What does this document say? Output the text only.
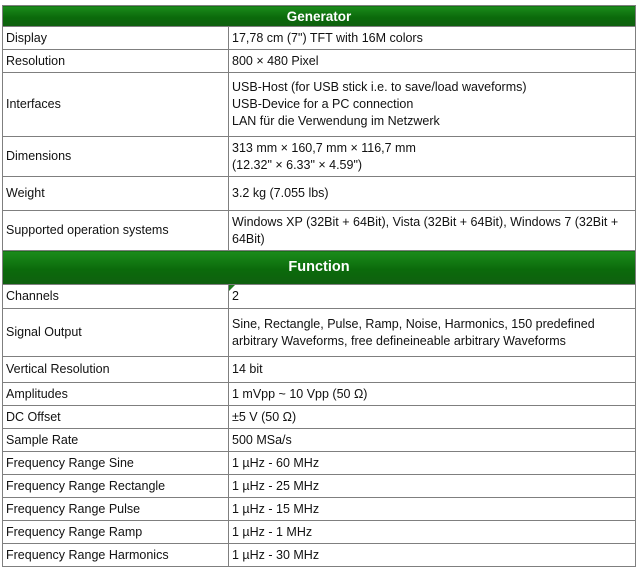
Generator	
Display	17,78 cm (7") TFT with 16M colors

Resolution	800 × 480 Pixel

Interfaces	USB-Host (for USB stick i.e. to save/load waveforms)
USB-Device for a PC connection
LAN für die Verwendung im Netzwerk

Dimensions	313 mm × 160,7 mm × 116,7 mm
(12.32" × 6.33" × 4.59")

Weight	3.2 kg (7.055 lbs)

Supported operation systems	Windows XP (32Bit + 64Bit), Vista (32Bit + 64Bit), Windows 7 (32Bit + 64Bit)

Function	
Channels	2

Signal Output	Sine, Rectangle, Pulse, Ramp, Noise, Harmonics, 150 predefined arbitrary Waveforms, free defineineable arbitrary Waveforms

Vertical Resolution	14 bit

Amplitudes	1 mVpp ~ 10 Vpp (50 Ω)

DC Offset	±5 V (50 Ω)

Sample Rate	500 MSa/s

Frequency Range Sine	1 µHz - 60 MHz

Frequency Range Rectangle	1 µHz - 25 MHz

Frequency Range Pulse	1 µHz - 15 MHz

Frequency Range Ramp	1 µHz - 1 MHz

Frequency Range Harmonics	1 µHz - 30 MHz
